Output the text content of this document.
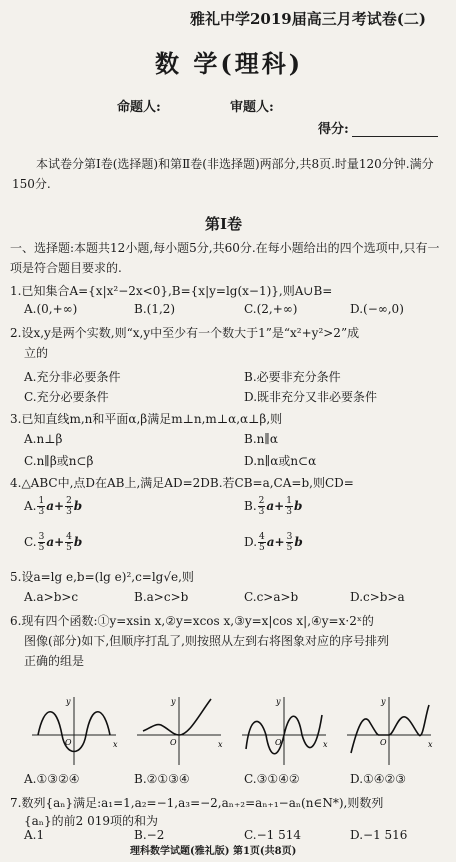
雅礼中学2019届高三月考试卷(二)
数 学(理科)
命题人:	审题人:
得分:
本试卷分第Ⅰ卷(选择题)和第Ⅱ卷(非选择题)两部分,共8页.时量120分钟.满分150分.
第Ⅰ卷
一、选择题:本题共12小题,每小题5分,共60分.在每小题给出的四个选项中,只有一项是符合题目要求的.
1.已知集合A={x|x²−2x<0},B={x|y=lg(x−1)},则A∪B=
A.(0,+∞)	B.(1,2)	C.(2,+∞)	D.(−∞,0)
2.设x,y是两个实数,则“x,y中至少有一个数大于1”是“x²+y²>2”成
立的
A.充分非必要条件	B.必要非充分条件
C.充分必要条件	D.既非充分又非必要条件
3.已知直线m,n和平面α,β满足m⊥n,m⊥α,α⊥β,则
A.n⊥β	B.n∥α
C.n∥β或n⊂β	D.n∥α或n⊂α
4.△ABC中,点D在AB上,满足AD=2DB.若CB=a,CA=b,则CD=
A. $\frac{1}{3} a+ \frac{2}{3}$ b	B. $\frac{2}{3} a+ \frac{1}{3}$ b
C. $\frac{3}{5} a+ \frac{4}{5}$ b	D. $\frac{4}{5} a+ \frac{3}{5}$ b
5.设a=lg e,b=(lg e)²,c=lg√e,则
A.a>b>c	B.a>c>b	C.c>a>b	D.c>b>a
6.现有四个函数:①y=xsin x,②y=xcos x,③y=x|cos x|,④y=x·2ˣ的
图像(部分)如下,但顺序打乱了,则按照从左到右将图象对应的序号排列
正确的组是
x
y
O	x
y
O	x
y
O	x
y
O
A.①③②④	B.②①③④	C.③①④②	D.①④②③
7.数列{aₙ}满足:a₁=1,a₂=−1,a₃=−2,aₙ₊₂=aₙ₊₁−aₙ(n∈N*),则数列
{aₙ}的前2 019项的和为
A.1	B.−2	C.−1 514	D.−1 516
理科数学试题(雅礼版) 第1页(共8页)
